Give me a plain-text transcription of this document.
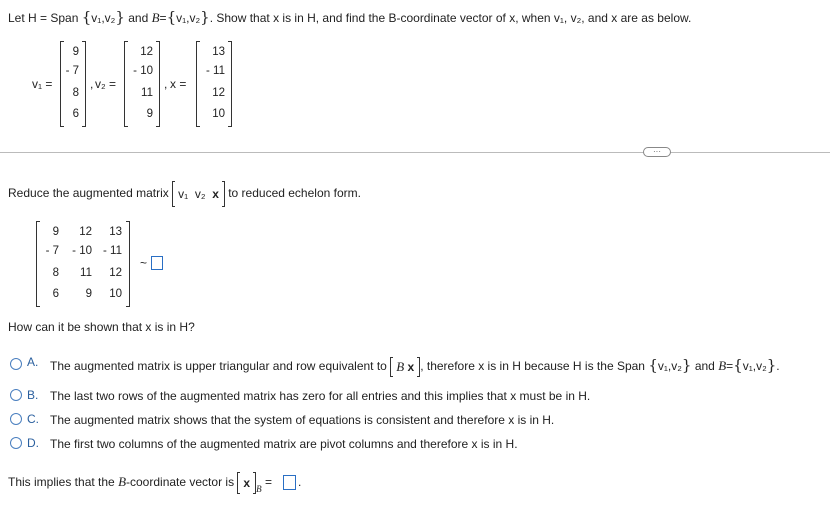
Let H = Span {v₁,v₂} and B={v₁,v₂}. Show that x is in H, and find the B-coordinate vector of x, when v₁, v₂, and x are as below.
v₁ =
9
- 7
8
6
, v₂ =
12
- 10
11
9
, x =
13
- 11
12
10
···
Reduce the augmented matrix v₁ v₂ x to reduced echelon form.
9 12 13
- 7 - 10 - 11
8 11 12
6 9 10
~
How can it be shown that x is in H?
A. The augmented matrix is upper triangular and row equivalent to B x , therefore x is in H because H is the Span {v₁,v₂} and B={v₁,v₂}.
B. The last two rows of the augmented matrix has zero for all entries and this implies that x must be in H.
C. The augmented matrix shows that the system of equations is consistent and therefore x is in H.
D. The first two columns of the augmented matrix are pivot columns and therefore x is in H.
This implies that the B-coordinate vector is x $_B$ = .
